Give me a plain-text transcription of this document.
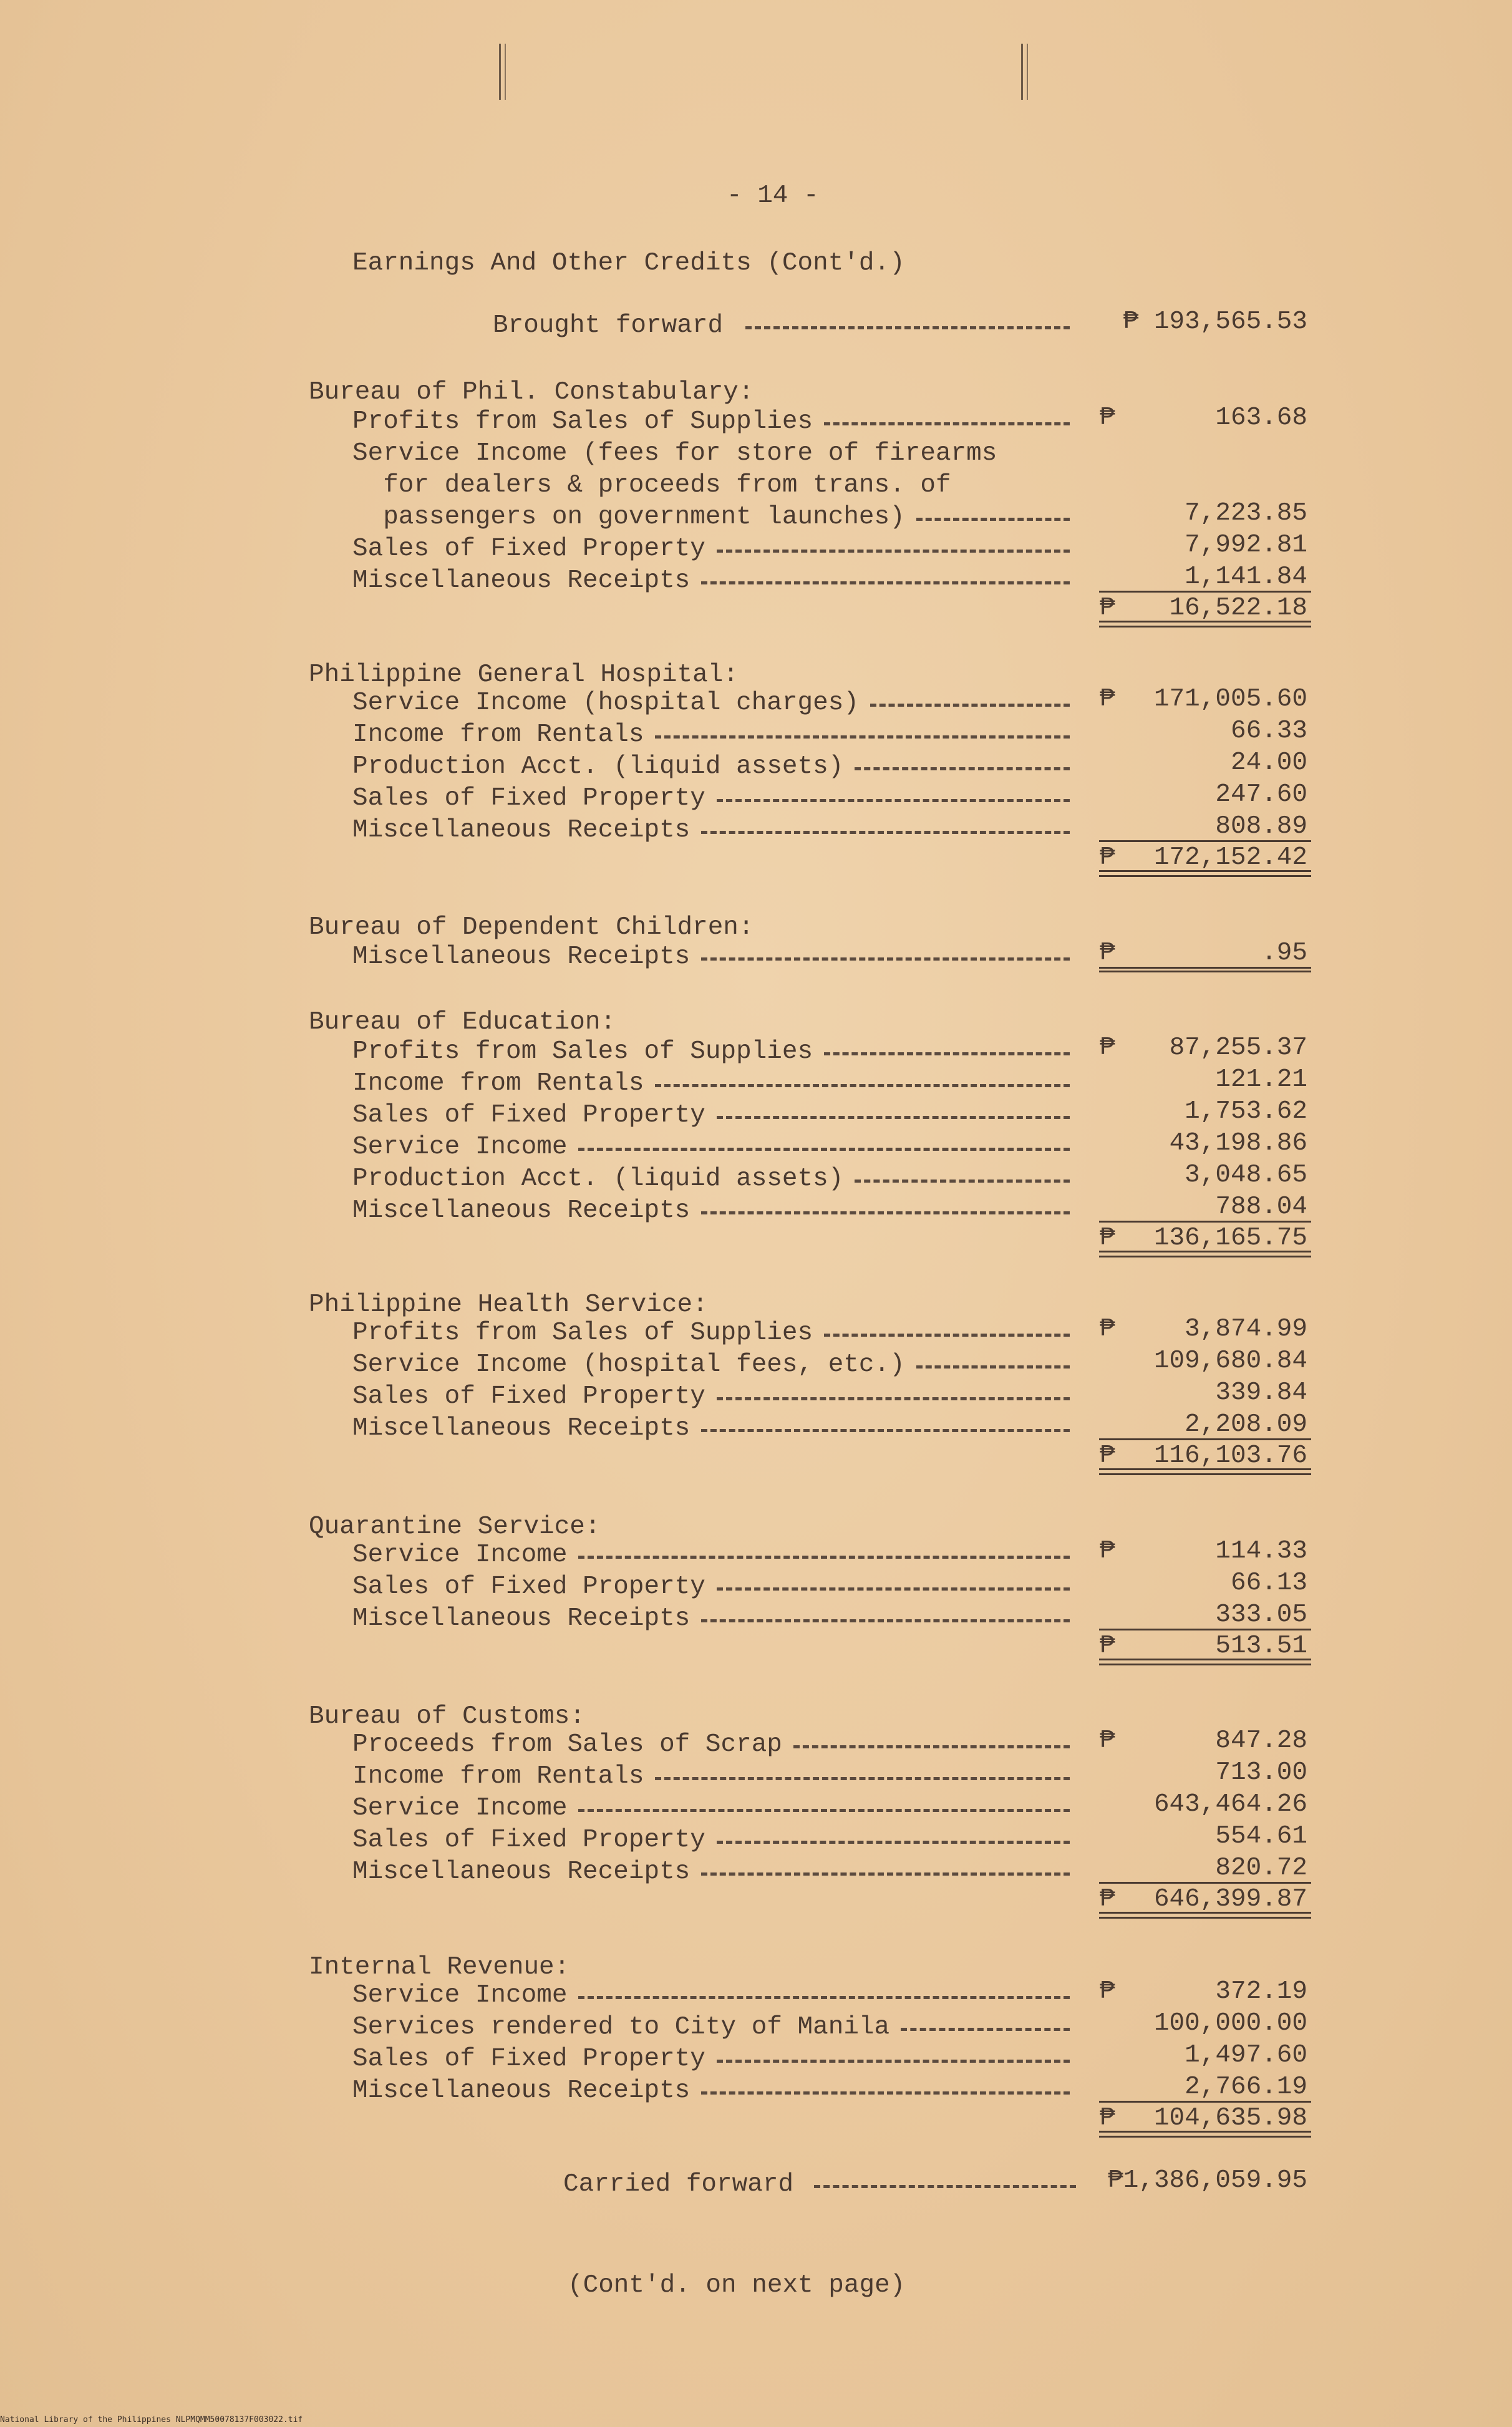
- 14 -
Earnings And Other Credits (Cont'd.)
Brought forward	₱ 193,565.53
Bureau of Phil. Constabulary:
Profits from Sales of Supplies	163.68
₱
Service Income (fees for store of firearms
for dealers & proceeds from trans. of
passengers on government launches)	7,223.85
Sales of Fixed Property	7,992.81
Miscellaneous Receipts	1,141.84
₱ 16,522.18
Philippine General Hospital:
Service Income (hospital charges)	171,005.60
₱
Income from Rentals	66.33
Production Acct. (liquid assets)	24.00
Sales of Fixed Property	247.60
Miscellaneous Receipts	808.89
₱ 172,152.42
Bureau of Dependent Children:
Miscellaneous Receipts	.95
₱
Bureau of Education:
Profits from Sales of Supplies	87,255.37
₱
Income from Rentals	121.21
Sales of Fixed Property	1,753.62
Service Income	43,198.86
Production Acct. (liquid assets)	3,048.65
Miscellaneous Receipts	788.04
₱ 136,165.75
Philippine Health Service:
Profits from Sales of Supplies	3,874.99
₱
Service Income (hospital fees, etc.)	109,680.84
Sales of Fixed Property	339.84
Miscellaneous Receipts	2,208.09
₱ 116,103.76
Quarantine Service:
Service Income	114.33
₱
Sales of Fixed Property	66.13
Miscellaneous Receipts	333.05
₱	513.51
Bureau of Customs:
Proceeds from Sales of Scrap	847.28
₱
Income from Rentals	713.00
Service Income	643,464.26
Sales of Fixed Property	554.61
Miscellaneous Receipts	820.72
₱ 646,399.87
Internal Revenue:
Service Income	372.19
₱
Services rendered to City of Manila	100,000.00
Sales of Fixed Property	1,497.60
Miscellaneous Receipts	2,766.19
₱ 104,635.98
Carried forward	₱1,386,059.95
(Cont'd. on next page)
National Library of the Philippines NLPMQMM50078137F003022.tif
